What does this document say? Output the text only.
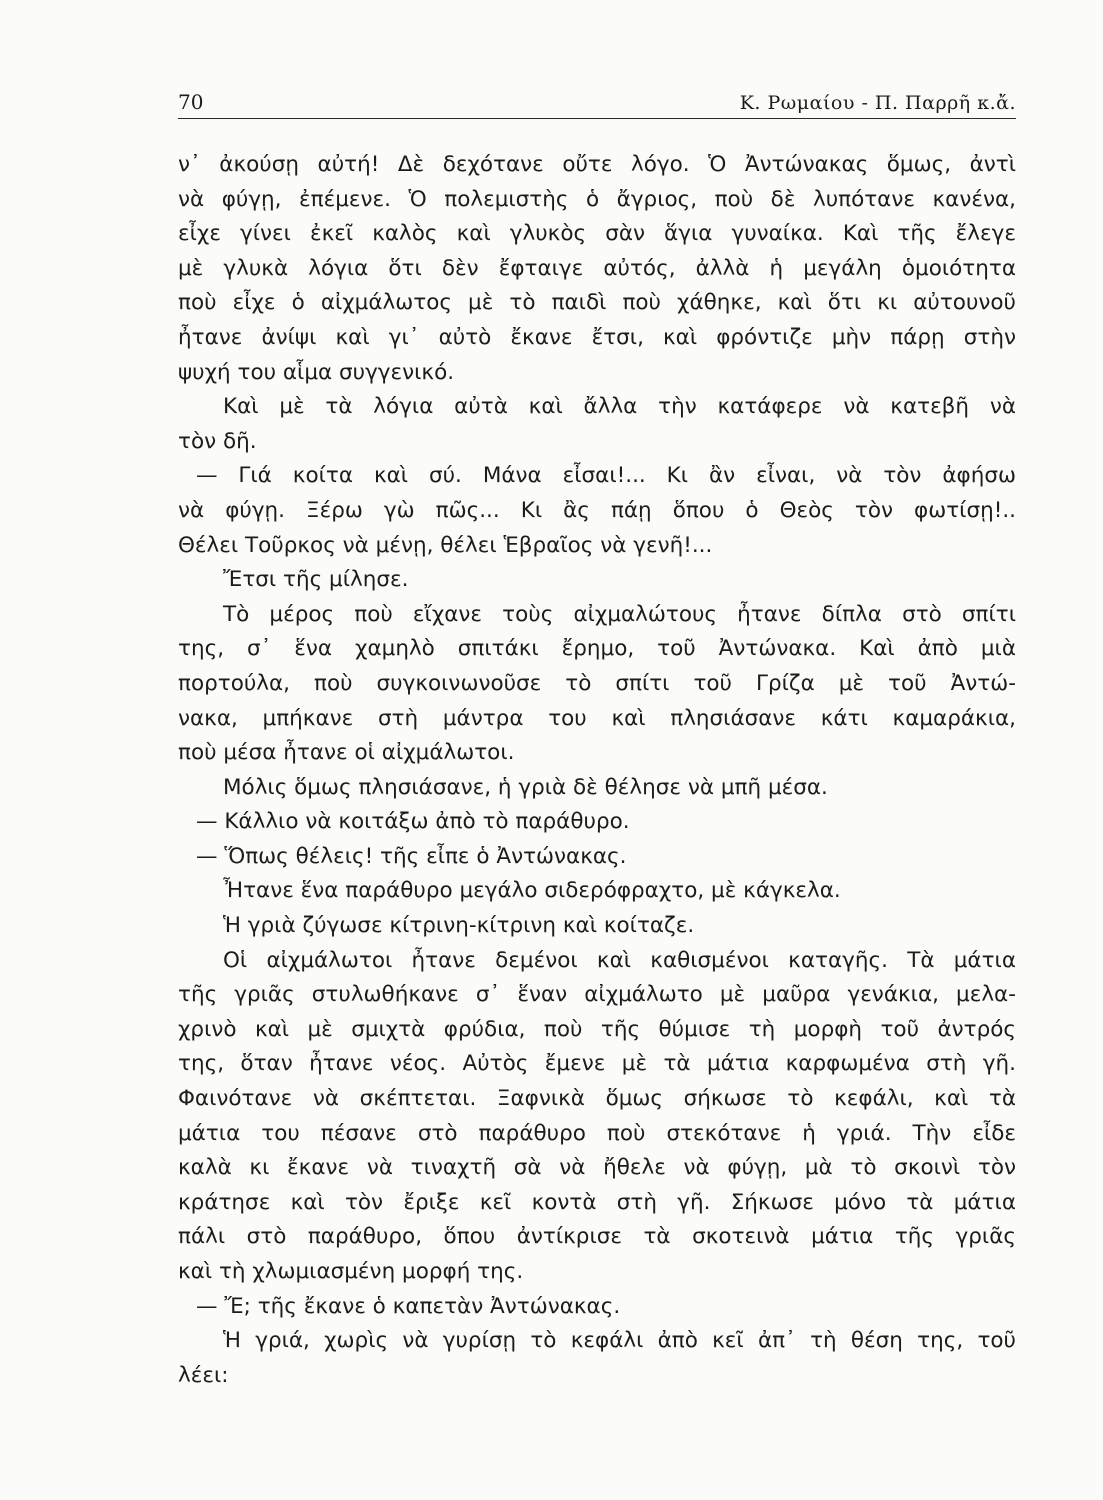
70	Κ. Ρωμαίου - Π. Παρρῆ κ.ἄ.
ν᾽ ἀκούσῃ αὐτή! Δὲ δεχότανε οὔτε λόγο. Ὁ Ἀντώνακας ὅμως, ἀντὶ
νὰ φύγῃ, ἐπέμενε. Ὁ πολεμιστὴς ὁ ἄγριος, ποὺ δὲ λυπότανε κανένα,
εἶχε γίνει ἐκεῖ καλὸς καὶ γλυκὸς σὰν ἅγια γυναίκα. Καὶ τῆς ἔλεγε
μὲ γλυκὰ λόγια ὅτι δὲν ἔφταιγε αὐτός, ἀλλὰ ἡ μεγάλη ὁμοιότητα
ποὺ εἶχε ὁ αἰχμάλωτος μὲ τὸ παιδὶ ποὺ χάθηκε, καὶ ὅτι κι αὐτουνοῦ
ἦτανε ἀνίψι καὶ γι᾽ αὐτὸ ἔκανε ἔτσι, καὶ φρόντιζε μὴν πάρῃ στὴν
ψυχή του αἷμα συγγενικό.
Καὶ μὲ τὰ λόγια αὐτὰ καὶ ἄλλα τὴν κατάφερε νὰ κατεβῆ νὰ
τὸν δῆ.
— Γιά κοίτα καὶ σύ. Μάνα εἶσαι!... Κι ἂν εἶναι, νὰ τὸν ἀφήσω
νὰ φύγῃ. Ξέρω γὼ πῶς... Κι ἂς πάῃ ὅπου ὁ Θεὸς τὸν φωτίσῃ!..
Θέλει Τοῦρκος νὰ μένῃ, θέλει Ἑβραῖος νὰ γενῆ!...
Ἔτσι τῆς μίλησε.
Τὸ μέρος ποὺ εἴχανε τοὺς αἰχμαλώτους ἦτανε δίπλα στὸ σπίτι
της, σ᾽ ἕνα χαμηλὸ σπιτάκι ἔρημο, τοῦ Ἀντώνακα. Καὶ ἀπὸ μιὰ
πορτούλα, ποὺ συγκοινωνοῦσε τὸ σπίτι τοῦ Γρίζα μὲ τοῦ Ἀντώ-
νακα, μπήκανε στὴ μάντρα του καὶ πλησιάσανε κάτι καμαράκια,
ποὺ μέσα ἦτανε οἱ αἰχμάλωτοι.
Μόλις ὅμως πλησιάσανε, ἡ γριὰ δὲ θέλησε νὰ μπῆ μέσα.
— Κάλλιο νὰ κοιτάξω ἀπὸ τὸ παράθυρο.
— Ὅπως θέλεις! τῆς εἶπε ὁ Ἀντώνακας.
Ἦτανε ἕνα παράθυρο μεγάλο σιδερόφραχτο, μὲ κάγκελα.
Ἡ γριὰ ζύγωσε κίτρινη-κίτρινη καὶ κοίταζε.
Οἱ αἰχμάλωτοι ἦτανε δεμένοι καὶ καθισμένοι καταγῆς. Τὰ μάτια
τῆς γριᾶς στυλωθήκανε σ᾽ ἕναν αἰχμάλωτο μὲ μαῦρα γενάκια, μελα-
χρινὸ καὶ μὲ σμιχτὰ φρύδια, ποὺ τῆς θύμισε τὴ μορφὴ τοῦ ἀντρός
της, ὅταν ἦτανε νέος. Αὐτὸς ἔμενε μὲ τὰ μάτια καρφωμένα στὴ γῆ.
Φαινότανε νὰ σκέπτεται. Ξαφνικὰ ὅμως σήκωσε τὸ κεφάλι, καὶ τὰ
μάτια του πέσανε στὸ παράθυρο ποὺ στεκότανε ἡ γριά. Τὴν εἶδε
καλὰ κι ἔκανε νὰ τιναχτῆ σὰ νὰ ἤθελε νὰ φύγῃ, μὰ τὸ σκοινὶ τὸν
κράτησε καὶ τὸν ἔριξε κεῖ κοντὰ στὴ γῆ. Σήκωσε μόνο τὰ μάτια
πάλι στὸ παράθυρο, ὅπου ἀντίκρισε τὰ σκοτεινὰ μάτια τῆς γριᾶς
καὶ τὴ χλωμιασμένη μορφή της.
— Ἔ; τῆς ἔκανε ὁ καπετὰν Ἀντώνακας.
Ἡ γριά, χωρὶς νὰ γυρίσῃ τὸ κεφάλι ἀπὸ κεῖ ἀπ᾽ τὴ θέση της, τοῦ
λέει:
